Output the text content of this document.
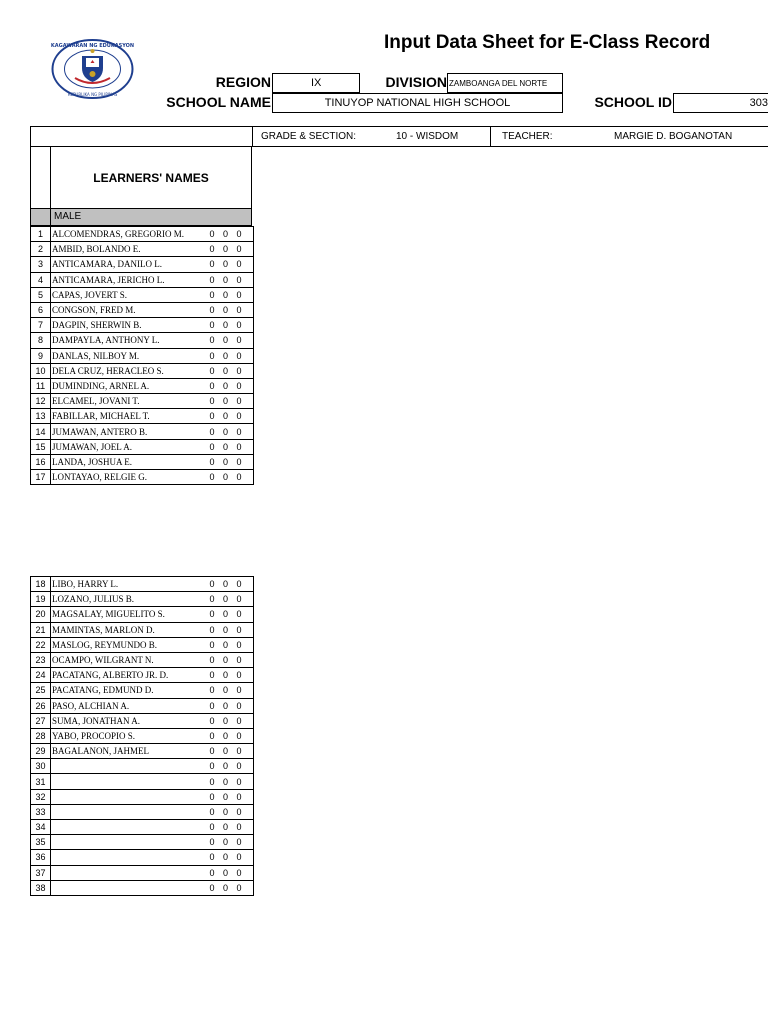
KAGAWARAN NG EDUKASYON
REPUBLIKA NG PILIPINAS
Input Data Sheet for E-Class Record
REGION	IX	DIVISION ZAMBOANGA DEL NORTE
SCHOOL NAME	TINUYOP NATIONAL HIGH SCHOOL	SCHOOL ID	303
GRADE & SECTION:	10 - WISDOM	TEACHER:	MARGIE D. BOGANOTAN
LEARNERS' NAMES
MALE
1	ALCOMENDRAS, GREGORIO M.	0 0 0
2	AMBID, BOLANDO E.	0 0 0
3	ANTICAMARA, DANILO L.	0 0 0
4	ANTICAMARA, JERICHO L.	0 0 0
5	CAPAS, JOVERT S.	0 0 0
6	CONGSON, FRED M.	0 0 0
7	DAGPIN, SHERWIN B.	0 0 0
8	DAMPAYLA, ANTHONY L.	0 0 0
9	DANLAS, NILBOY M.	0 0 0
10	DELA CRUZ, HERACLEO S.	0 0 0
11	DUMINDING, ARNEL A.	0 0 0
12	ELCAMEL, JOVANI T.	0 0 0
13	FABILLAR, MICHAEL T.	0 0 0
14	JUMAWAN, ANTERO B.	0 0 0
15	JUMAWAN, JOEL A.	0 0 0
16	LANDA, JOSHUA E.	0 0 0
17	LONTAYAO, RELGIE G.	0 0 0
18	LIBO, HARRY L.	0 0 0
19	LOZANO, JULIUS B.	0 0 0
20	MAGSALAY, MIGUELITO S.	0 0 0
21	MAMINTAS, MARLON D.	0 0 0
22	MASLOG, REYMUNDO B.	0 0 0
23	OCAMPO, WILGRANT N.	0 0 0
24	PACATANG, ALBERTO JR. D.	0 0 0
25	PACATANG, EDMUND D.	0 0 0
26	PASO, ALCHIAN A.	0 0 0
27	SUMA, JONATHAN A.	0 0 0
28	YABO, PROCOPIO S.	0 0 0
29	BAGALANON, JAHMEL	0 0 0
30		0 0 0
31		0 0 0
32		0 0 0
33		0 0 0
34		0 0 0
35		0 0 0
36		0 0 0
37		0 0 0
38		0 0 0
